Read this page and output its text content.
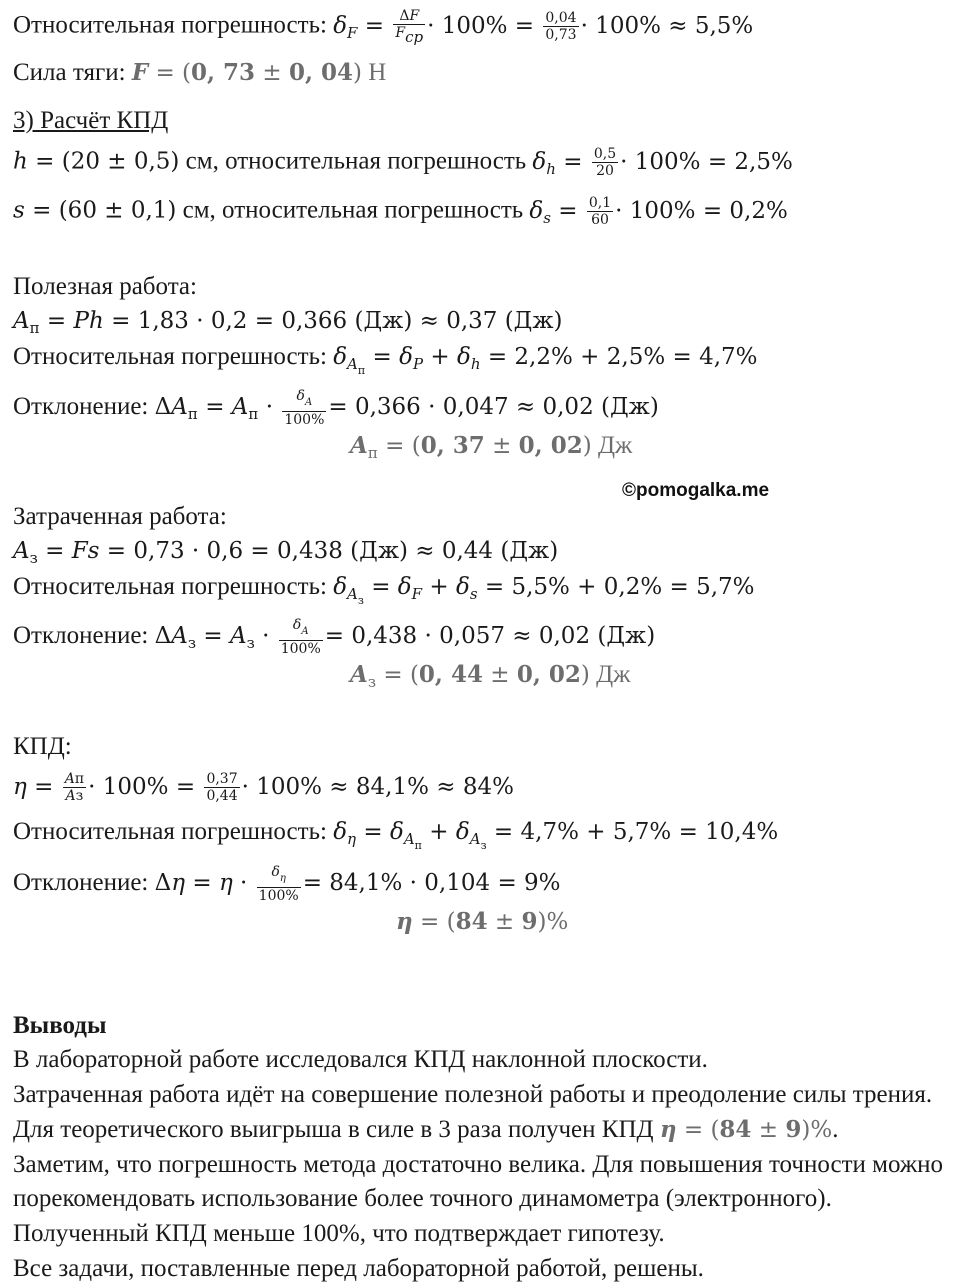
Относительная погрешность: $\delta_F = \frac{\Delta F}{F_{cp}} \cdot 100\% = \frac{0,04}{0,73} \cdot 100\% \approx 5,5\%$
Сила тяги: F = (0, 73 ± 0, 04) Н
3) Расчёт КПД
h = (20 ± 0,5) см, относительная погрешность $\delta_h = \frac{0,5}{20} \cdot 100\% = 2,5\%$
s = (60 ± 0,1) см, относительная погрешность $\delta_s = \frac{0,1}{60} \cdot 100\% = 0,2\%$
Полезная работа:
$A_п = Ph = 1,83 \cdot 0,2 = 0,366$ (Дж) ≈ 0,37 (Дж)
Относительная погрешность: $\delta_{A_п} = \delta_P + \delta_h = 2,2\% + 2,5\% = 4,7\%$
Отклонение: $\Delta A_п = A_п \cdot \frac{\delta_A}{100\%} = 0,366 \cdot 0,047 \approx 0,02$ (Дж)
$A_п = (0$, 37 ± 0, 02) Дж
©pomogalka.me
Затраченная работа:
$A_з = Fs = 0,73 \cdot 0,6 = 0,438$ (Дж) ≈ 0,44 (Дж)
Относительная погрешность: $\delta_{A_з} = \delta_F + \delta_s = 5,5\% + 0,2\% = 5,7\%$
Отклонение: $\Delta A_з = A_з \cdot \frac{\delta_A}{100\%} = 0,438 \cdot 0,057 \approx 0,02$ (Дж)
$A_з = (0$, 44 ± 0, 02) Дж
КПД:
$\eta = \frac{Aп}{Aз} \cdot 100\% = \frac{0,37}{0,44} \cdot 100\% \approx 84,1\% \approx 84\%$
Относительная погрешность: $\delta_\eta = \delta_{A_п} + \delta_{A_з} = 4,7\% + 5,7\% = 10,4\%$
Отклонение: $\Delta\eta = \eta \cdot \frac{\delta_\eta}{100\%} = 84,1\% \cdot 0,104 = 9\%$
η = (84 ± 9)%
Выводы
В лабораторной работе исследовался КПД наклонной плоскости.
Затраченная работа идёт на совершение полезной работы и преодоление силы трения.
Для теоретического выигрыша в силе в 3 раза получен КПД η = (84 ± 9)%.
Заметим, что погрешность метода достаточно велика. Для повышения точности можно
порекомендовать использование более точного динамометра (электронного).
Полученный КПД меньше 100%, что подтверждает гипотезу.
Все задачи, поставленные перед лабораторной работой, решены.
